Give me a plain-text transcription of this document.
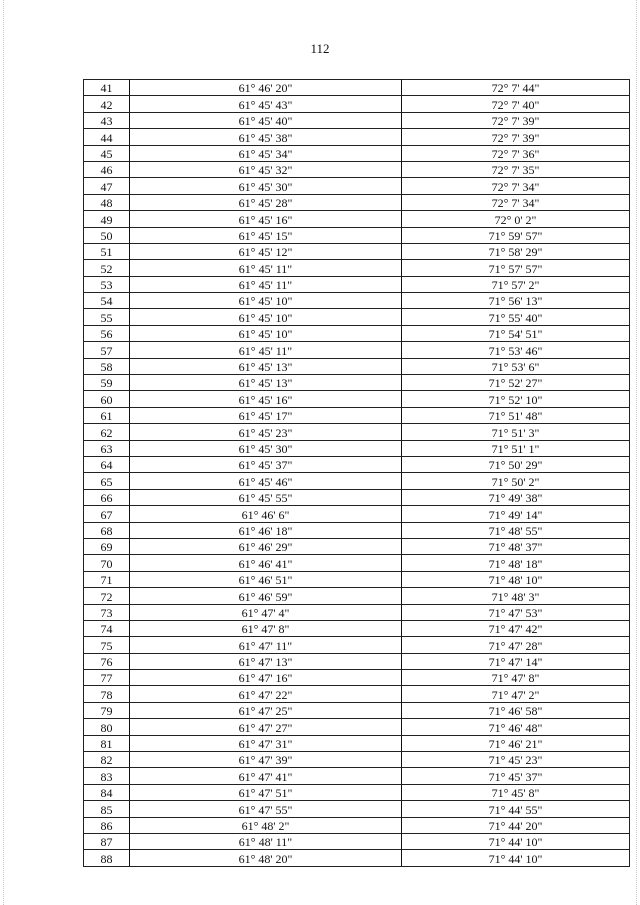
112
41	61° 46' 20"	72° 7' 44"
42	61° 45' 43"	72° 7' 40"
43	61° 45' 40"	72° 7' 39"
44	61° 45' 38"	72° 7' 39"
45	61° 45' 34"	72° 7' 36"
46	61° 45' 32"	72° 7' 35"
47	61° 45' 30"	72° 7' 34"
48	61° 45' 28"	72° 7' 34"
49	61° 45' 16"	72° 0' 2"
50	61° 45' 15"	71° 59' 57"
51	61° 45' 12"	71° 58' 29"
52	61° 45' 11"	71° 57' 57"
53	61° 45' 11"	71° 57' 2"
54	61° 45' 10"	71° 56' 13"
55	61° 45' 10"	71° 55' 40"
56	61° 45' 10"	71° 54' 51"
57	61° 45' 11"	71° 53' 46"
58	61° 45' 13"	71° 53' 6"
59	61° 45' 13"	71° 52' 27"
60	61° 45' 16"	71° 52' 10"
61	61° 45' 17"	71° 51' 48"
62	61° 45' 23"	71° 51' 3"
63	61° 45' 30"	71° 51' 1"
64	61° 45' 37"	71° 50' 29"
65	61° 45' 46"	71° 50' 2"
66	61° 45' 55"	71° 49' 38"
67	61° 46' 6"	71° 49' 14"
68	61° 46' 18"	71° 48' 55"
69	61° 46' 29"	71° 48' 37"
70	61° 46' 41"	71° 48' 18"
71	61° 46' 51"	71° 48' 10"
72	61° 46' 59"	71° 48' 3"
73	61° 47' 4"	71° 47' 53"
74	61° 47' 8"	71° 47' 42"
75	61° 47' 11"	71° 47' 28"
76	61° 47' 13"	71° 47' 14"
77	61° 47' 16"	71° 47' 8"
78	61° 47' 22"	71° 47' 2"
79	61° 47' 25"	71° 46' 58"
80	61° 47' 27"	71° 46' 48"
81	61° 47' 31"	71° 46' 21"
82	61° 47' 39"	71° 45' 23"
83	61° 47' 41"	71° 45' 37"
84	61° 47' 51"	71° 45' 8"
85	61° 47' 55"	71° 44' 55"
86	61° 48' 2"	71° 44' 20"
87	61° 48' 11"	71° 44' 10"
88	61° 48' 20"	71° 44' 10"
